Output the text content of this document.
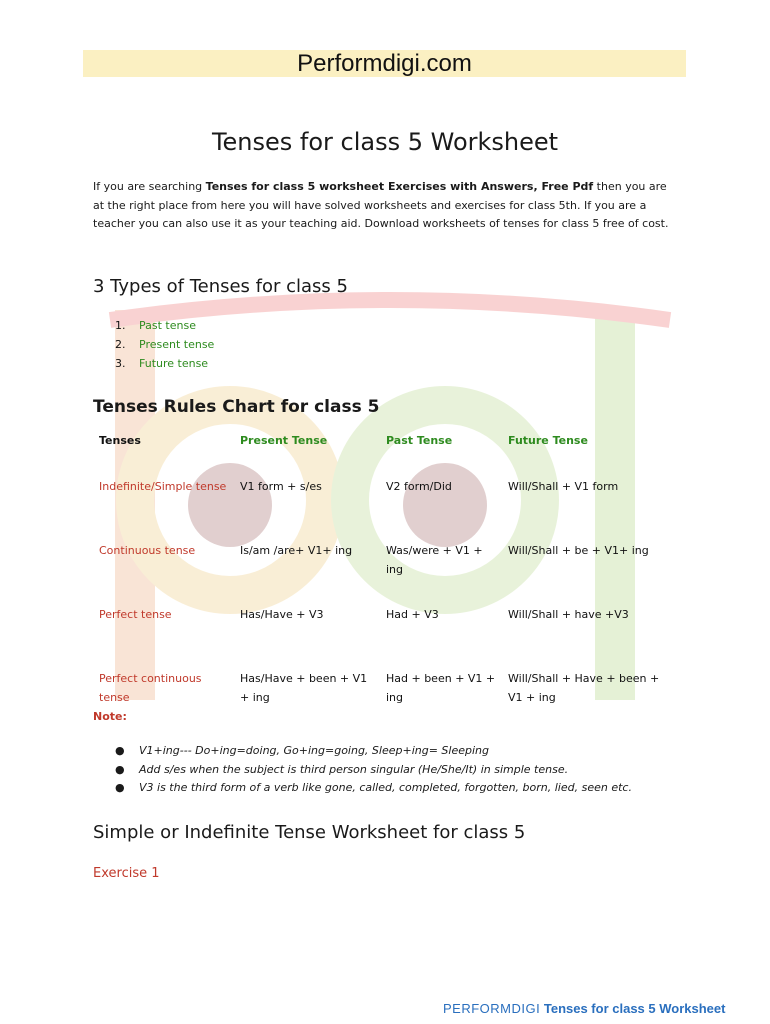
Performdigi.com
Tenses for class 5 Worksheet

If you are searching Tenses for class 5 worksheet Exercises with Answers, Free Pdf then you are at the right place from here you will have solved worksheets and exercises for class 5th. If you are a teacher you can also use it as your teaching aid. Download worksheets of tenses for class 5 free of cost.

3 Types of Tenses for class 5
1.	Past tense
2.	Present tense
3.	Future tense
Tenses Rules Chart for class 5
Tenses	Present Tense	Past Tense	Future Tense
Indefinite/Simple tense	V1 form + s/es	V2 form/Did	Will/Shall + V1 form
Continuous tense	Is/am /are+ V1+ ing	Was/were + V1 + ing	Will/Shall + be + V1+ ing
Perfect tense	Has/Have + V3	Had + V3	Will/Shall + have +V3
Perfect continuous tense	Has/Have + been + V1 + ing	Had + been + V1 + ing	Will/Shall + Have + been + V1 + ing
Note:
●	V1+ing--- Do+ing=doing, Go+ing=going, Sleep+ing= Sleeping
●	Add s/es when the subject is third person singular (He/She/It) in simple tense.
●	V3 is the third form of a verb like gone, called, completed, forgotten, born, lied, seen etc.
Simple or Indefinite Tense Worksheet for class 5
Exercise 1
PERFORMDIGI Tenses for class 5 Worksheet
